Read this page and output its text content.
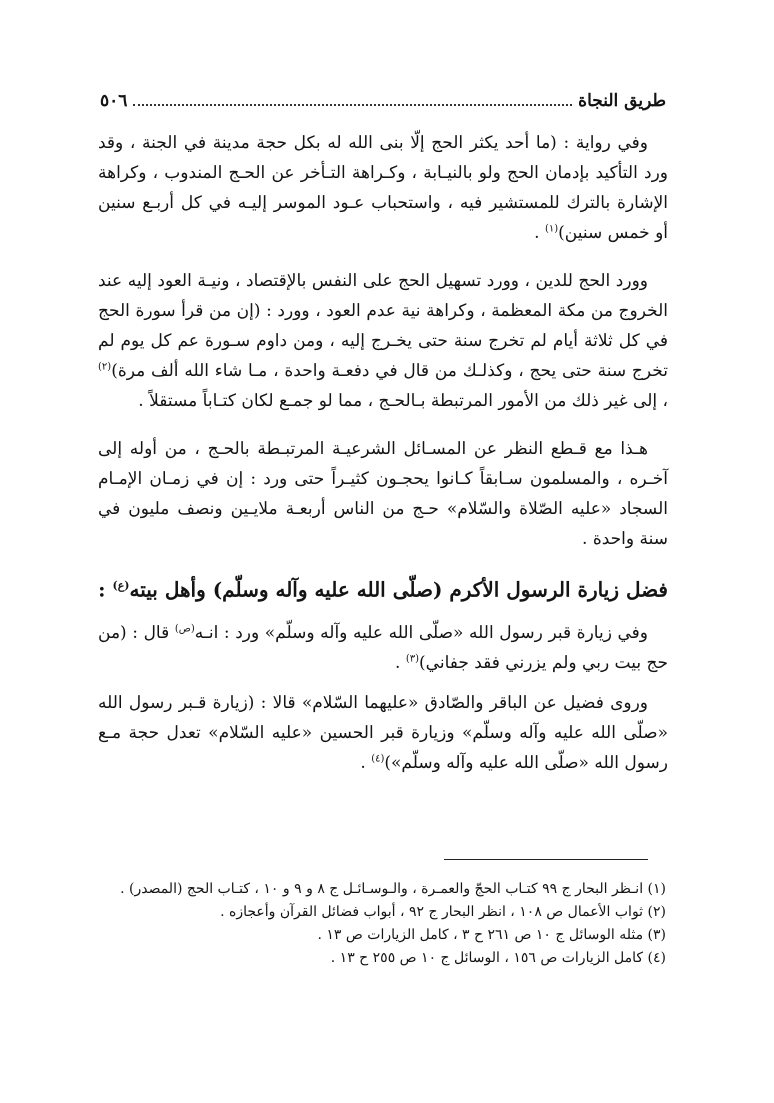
طريق النجاة
٥٠٦

وفي رواية : (ما أحد يكثر الحج إلّا بنى الله له بكل حجة مدينة في الجنة ، وقد ورد التأكيد بإدمان الحج ولو بالنيـابة ، وكـراهة التـأخر عن الحـج المندوب ، وكراهة الإشارة بالترك للمستشير فيه ، واستحباب عـود الموسر إليـه في كل أربـع سنين أو خمس سنين)$^{(١)}$ .

وورد الحج للدين ، وورد تسهيل الحج على النفس بالإقتصاد ، ونيـة العود إليه عند الخروج من مكة المعظمة ، وكراهة نية عدم العود ، وورد : (إن من قرأ سورة الحج في كل ثلاثة أيام لم تخرج سنة حتى يخـرج إليه ، ومن داوم سـورة عم كل يوم لم تخرج سنة حتى يحج ، وكذلـك من قال في دفعـة واحدة ، مـا شاء الله ألف مرة)$^{(٢)}$ ، إلى غير ذلك من الأمور المرتبطة بـالحـج ، مما لو جمـع لكان كتـاباً مستقلاً .

هـذا مع قـطع النظر عن المسـائل الشرعيـة المرتبـطة بالحـج ، من أوله إلى آخـره ، والمسلمون سـابقاً كـانوا يحجـون كثيـراً حتى ورد : إن في زمـان الإمـام السجاد «عليه الصّلاة والسّلام» حـج من الناس أربعـة ملايـين ونصف مليون في سنة واحدة .

فضل زيارة الرسول الأكرم (صلّى الله عليه وآله وسلّم) وأهل بيته$^{(ع)}$ :

وفي زيارة قبر رسول الله «صلّى الله عليه وآله وسلّم» ورد : انـه$^{(ص)}$ قال : (من حج بيت ربي ولم يزرني فقد جفاني)$^{(٣)}$ .

وروى فضيل عن الباقر والصّادق «عليهما السّلام» قالا : (زيارة قـبر رسول الله «صلّى الله عليه وآله وسلّم» وزيارة قبر الحسين «عليه السّلام» تعدل حجة مـع رسول الله «صلّى الله عليه وآله وسلّم»)$^{(٤)}$ .

(١) انـظر البحار ج ٩٩ كتـاب الحجّ والعمـرة ، والـوسـائـل ج ٨ و ٩ و ١٠ ، كتـاب الحج (المصدر) .
(٢) ثواب الأعمال ص ١٠٨ ، انظر البحار ج ٩٢ ، أبواب فضائل القرآن وأعجازه .
(٣) مثله الوسائل ج ١٠ ص ٢٦١ ح ٣ ، كامل الزيارات ص ١٣ .
(٤) كامل الزيارات ص ١٥٦ ، الوسائل ج ١٠ ص ٢٥٥ ح ١٣ .
